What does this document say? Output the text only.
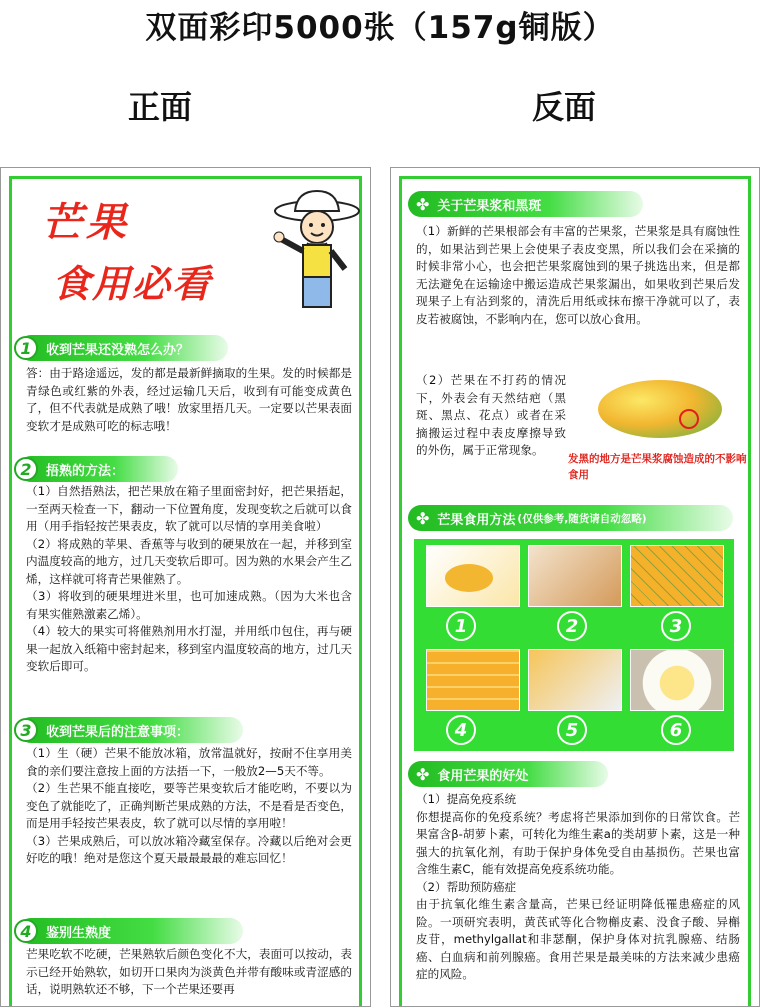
双面彩印5000张（157g铜版）
正面	反面
芒果
食用必看
1	收到芒果还没熟怎么办？
答：由于路途遥远，发的都是最新鲜摘取的生果。发的时候都是青绿色或红紫的外表，经过运输几天后，收到有可能变成黄色了，但不代表就是成熟了哦！放家里捂几天。一定要以芒果表面变软才是成熟可吃的标志哦！
2	捂熟的方法：
（1）自然捂熟法，把芒果放在箱子里面密封好，把芒果捂起，一至两天检查一下，翻动一下位置角度，发现变软之后就可以食用（用手指轻按芒果表皮，软了就可以尽情的享用美食啦）
（2）将成熟的苹果、香蕉等与收到的硬果放在一起，并移到室内温度较高的地方，过几天变软后即可。因为熟的水果会产生乙烯，这样就可将青芒果催熟了。
（3）将收到的硬果埋进米里，也可加速成熟。（因为大米也含有果实催熟激素乙烯）。
（4）较大的果实可将催熟剂用水打湿，并用纸巾包住，再与硬果一起放入纸箱中密封起来，移到室内温度较高的地方，过几天变软后即可。
3	收到芒果后的注意事项：
（1）生（硬）芒果不能放冰箱，放常温就好，按耐不住享用美食的亲们要注意按上面的方法捂一下，一般放2—5天不等。
（2）生芒果不能直接吃，要等芒果变软后才能吃哟，不要以为变色了就能吃了，正确判断芒果成熟的方法，不是看是否变色，而是用手轻按芒果表皮，软了就可以尽情的享用啦！
（3）芒果成熟后，可以放冰箱冷藏室保存。冷藏以后绝对会更好吃的哦！绝对是您这个夏天最最最最的难忘回忆！
4	鉴别生熟度
芒果吃软不吃硬，芒果熟软后颜色变化不大，表面可以按动，表示已经开始熟软，如切开口果肉为淡黄色并带有酸味或青涩感的话，说明熟软还不够，下一个芒果还要再
✤ 关于芒果浆和黑斑
（1）新鲜的芒果根部会有丰富的芒果浆，芒果浆是具有腐蚀性的，如果沾到芒果上会使果子表皮变黑，所以我们会在采摘的时候非常小心，也会把芒果浆腐蚀到的果子挑选出来，但是都无法避免在运输途中搬运造成芒果浆漏出，如果收到芒果后发现果子上有沾到浆的，清洗后用纸或抹布擦干净就可以了，表皮若被腐蚀，不影响内在，您可以放心食用。
（2）芒果在不打药的情况下，外表会有天然结疤（黑斑、黑点、花点）或者在采摘搬运过程中表皮摩擦导致的外伤，属于正常现象。
发黑的地方是芒果浆腐蚀造成的不影响食用
✤ 芒果食用方法 (仅供参考,随货请自动忽略)
1	2	3
4	5	6
✤ 食用芒果的好处
（1）提高免疫系统
你想提高你的免疫系统？考虑将芒果添加到你的日常饮食。芒果富含β-胡萝卜素，可转化为维生素a的类胡萝卜素，这是一种强大的抗氧化剂，有助于保护身体免受自由基损伤。芒果也富含维生素C，能有效提高免疫系统功能。
（2）帮助预防癌症
由于抗氧化维生素含量高，芒果已经证明降低罹患癌症的风险。一项研究表明，黄芪甙等化合物槲皮素、没食子酸、异槲皮苷，methylgallat和非瑟酮，保护身体对抗乳腺癌、结肠癌、白血病和前列腺癌。食用芒果是最美味的方法来减少患癌症的风险。
